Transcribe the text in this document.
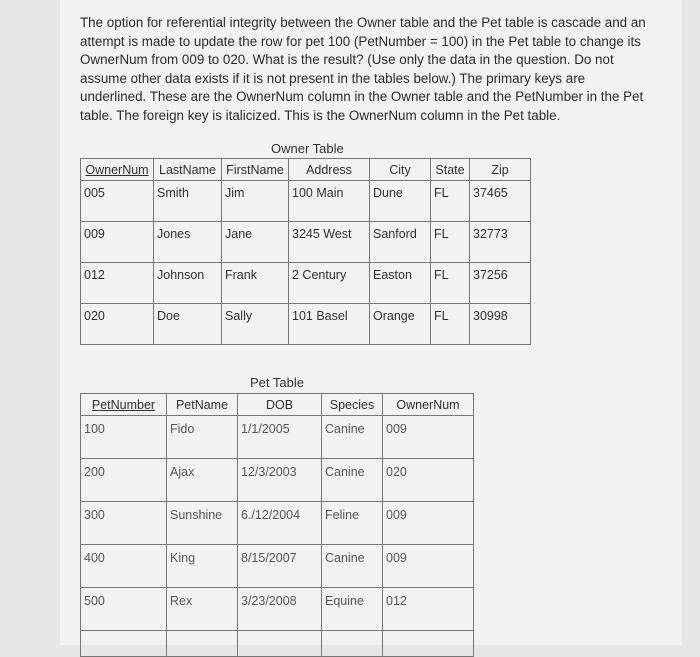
The option for referential integrity between the Owner table and the Pet table is cascade and an attempt is made to update the row for pet 100 (PetNumber = 100) in the Pet table to change its OwnerNum from 009 to 020. What is the result? (Use only the data in the question. Do not assume other data exists if it is not present in the tables below.) The primary keys are underlined. These are the OwnerNum column in the Owner table and the PetNumber in the Pet table. The foreign key is italicized. This is the OwnerNum column in the Pet table.
Owner Table
OwnerNum	LastName	FirstName	Address	City	State	Zip
005	Smith	Jim	100 Main	Dune	FL	37465
009	Jones	Jane	3245 West	Sanford	FL	32773
012	Johnson	Frank	2 Century	Easton	FL	37256
020	Doe	Sally	101 Basel	Orange	FL	30998
Pet Table
PetNumber	PetName	DOB	Species	OwnerNum
100	Fido	1/1/2005	Canine	009
200	Ajax	12/3/2003	Canine	020
300	Sunshine	6./12/2004	Feline	009
400	King	8/15/2007	Canine	009
500	Rex	3/23/2008	Equine	012
